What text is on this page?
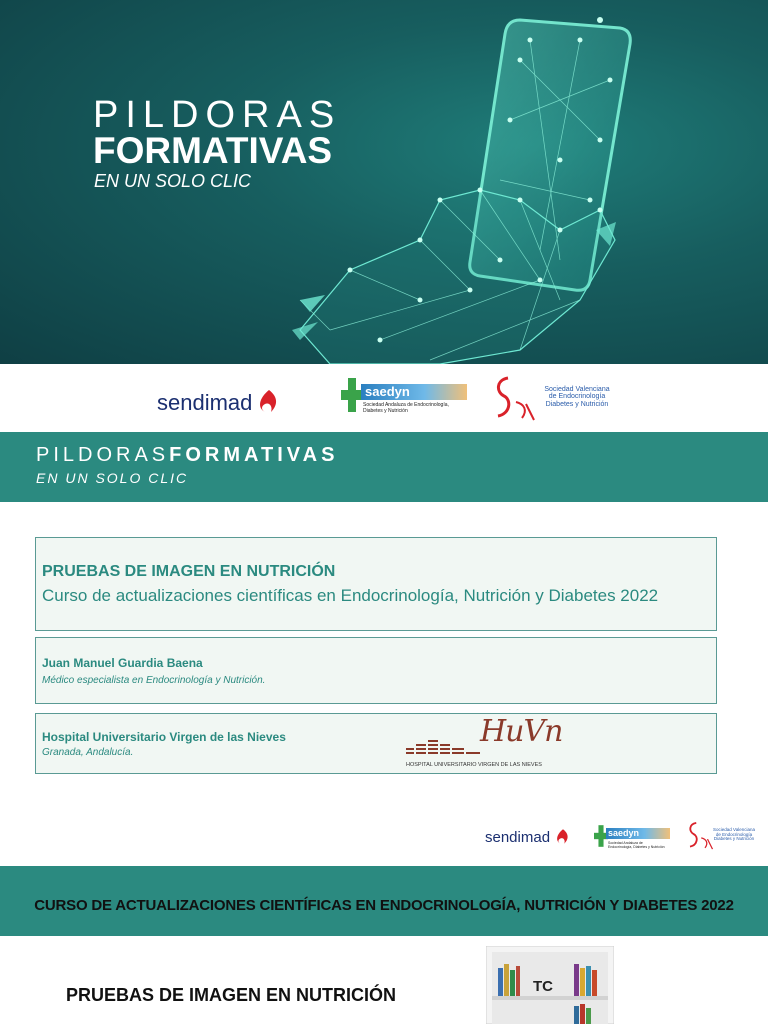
PILDORAS
FORMATIVAS
EN UN SOLO CLIC
sendimad	saedyn
Sociedad Andaluza de Endocrinología, Diabetes y Nutrición
Sociedad Valenciana
de Endocrinología
Diabetes y Nutrición
PILDORASFORMATIVAS
EN UN SOLO CLIC
PRUEBAS DE IMAGEN EN NUTRICIÓN
Curso de actualizaciones científicas en Endocrinología, Nutrición y Diabetes 2022
Juan Manuel Guardia Baena
Médico especialista en Endocrinología y Nutrición.
Hospital Universitario Virgen de las Nieves
Granada, Andalucía.
HuVn
HOSPITAL UNIVERSITARIO VIRGEN DE LAS NIEVES
sendimad	saedyn
Sociedad Andaluza de Endocrinología, Diabetes y Nutrición
Sociedad Valenciana
de Endocrinología
Diabetes y Nutrición
CURSO DE ACTUALIZACIONES CIENTÍFICAS EN ENDOCRINOLOGÍA, NUTRICIÓN Y DIABETES 2022
PRUEBAS DE IMAGEN EN NUTRICIÓN	TC
